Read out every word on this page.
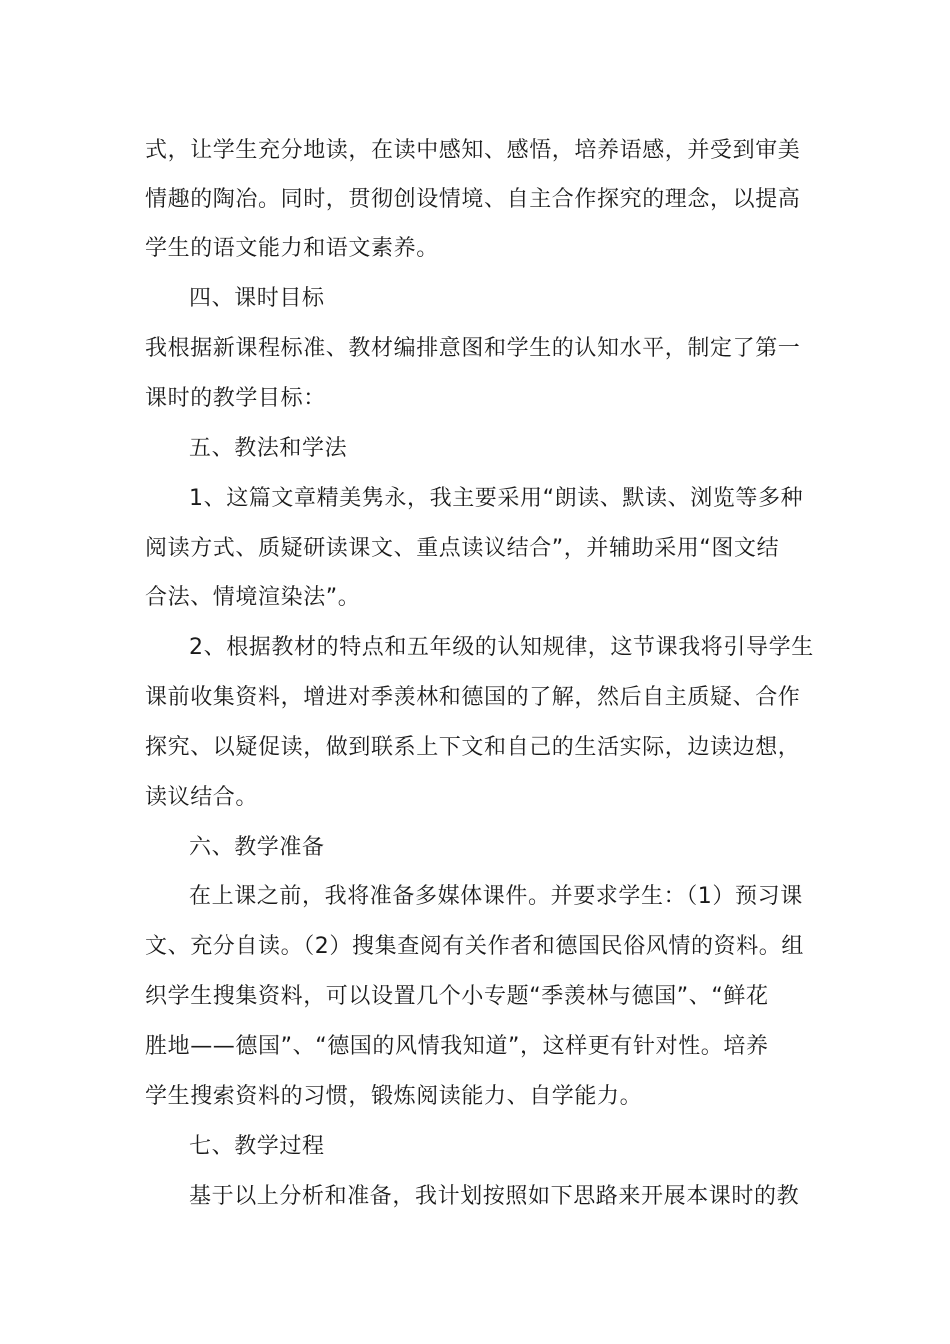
式，让学生充分地读，在读中感知、感悟，培养语感，并受到审美
情趣的陶冶。同时，贯彻创设情境、自主合作探究的理念，以提高
学生的语文能力和语文素养。
四、课时目标
我根据新课程标准、教材编排意图和学生的认知水平，制定了第一
课时的教学目标：
五、教法和学法
1、这篇文章精美隽永，我主要采用“朗读、默读、浏览等多种
阅读方式、质疑研读课文、重点读议结合”，并辅助采用“图文结
合法、情境渲染法”。
2、根据教材的特点和五年级的认知规律，这节课我将引导学生
课前收集资料，增进对季羡林和德国的了解，然后自主质疑、合作
探究、以疑促读，做到联系上下文和自己的生活实际，边读边想，
读议结合。
六、教学准备
在上课之前，我将准备多媒体课件。并要求学生：（1）预习课
文、充分自读。（2）搜集查阅有关作者和德国民俗风情的资料。组
织学生搜集资料，可以设置几个小专题“季羡林与德国”、“鲜花
胜地——德国”、“德国的风情我知道”，这样更有针对性。培养
学生搜索资料的习惯，锻炼阅读能力、自学能力。
七、教学过程
基于以上分析和准备，我计划按照如下思路来开展本课时的教
